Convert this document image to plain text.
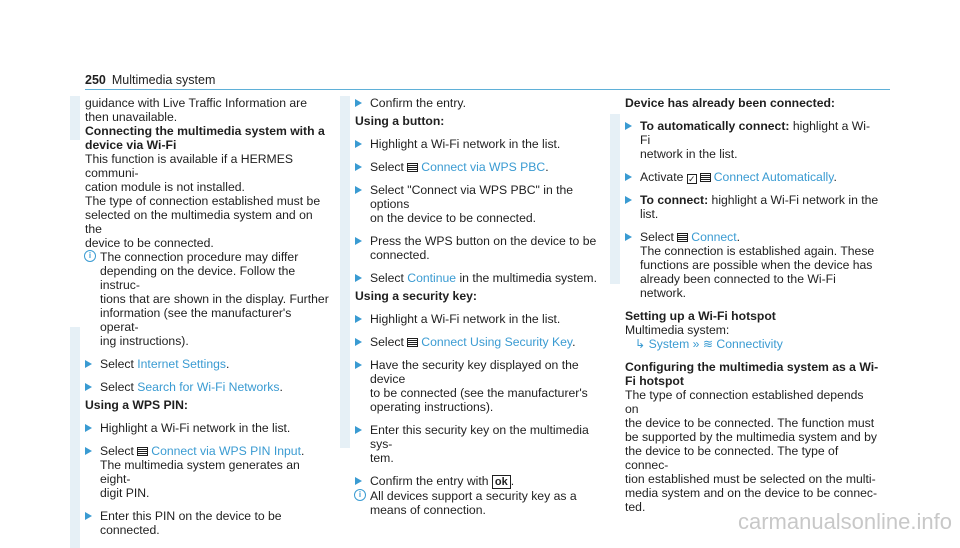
250 Multimedia system
guidance with Live Traffic Information are
then unavailable.
Connecting the multimedia system with a
device via Wi-Fi
This function is available if a HERMES communi-
cation module is not installed.
The type of connection established must be
selected on the multimedia system and on the
device to be connected.
i The connection procedure may differ
depending on the device. Follow the instruc-
tions that are shown in the display. Further
information (see the manufacturer's operat-
ing instructions).
Select Internet Settings.
Select Search for Wi-Fi Networks.
Using a WPS PIN:
Highlight a Wi-Fi network in the list.
Select Connect via WPS PIN Input.
The multimedia system generates an eight-
digit PIN.
Enter this PIN on the device to be connected.
Confirm the entry.
Using a button:
Highlight a Wi-Fi network in the list.
Select Connect via WPS PBC.
Select "Connect via WPS PBC" in the options
on the device to be connected.
Press the WPS button on the device to be
connected.
Select Continue in the multimedia system.
Using a security key:
Highlight a Wi-Fi network in the list.
Select Connect Using Security Key.
Have the security key displayed on the device
to be connected (see the manufacturer's
operating instructions).
Enter this security key on the multimedia sys-
tem.
Confirm the entry with ok .
i All devices support a security key as a
means of connection.
Device has already been connected:
To automatically connect: highlight a Wi-Fi
network in the list.
Activate ✓ Connect Automatically.
To connect: highlight a Wi-Fi network in the
list.
Select Connect.
The connection is established again. These
functions are possible when the device has
already been connected to the Wi-Fi network.
Setting up a Wi-Fi hotspot
Multimedia system:
↳ System » ≋ Connectivity
Configuring the multimedia system as a Wi-
Fi hotspot
The type of connection established depends on
the device to be connected. The function must
be supported by the multimedia system and by
the device to be connected. The type of connec-
tion established must be selected on the multi-
media system and on the device to be connec-
ted.
carmanualsonline.info
